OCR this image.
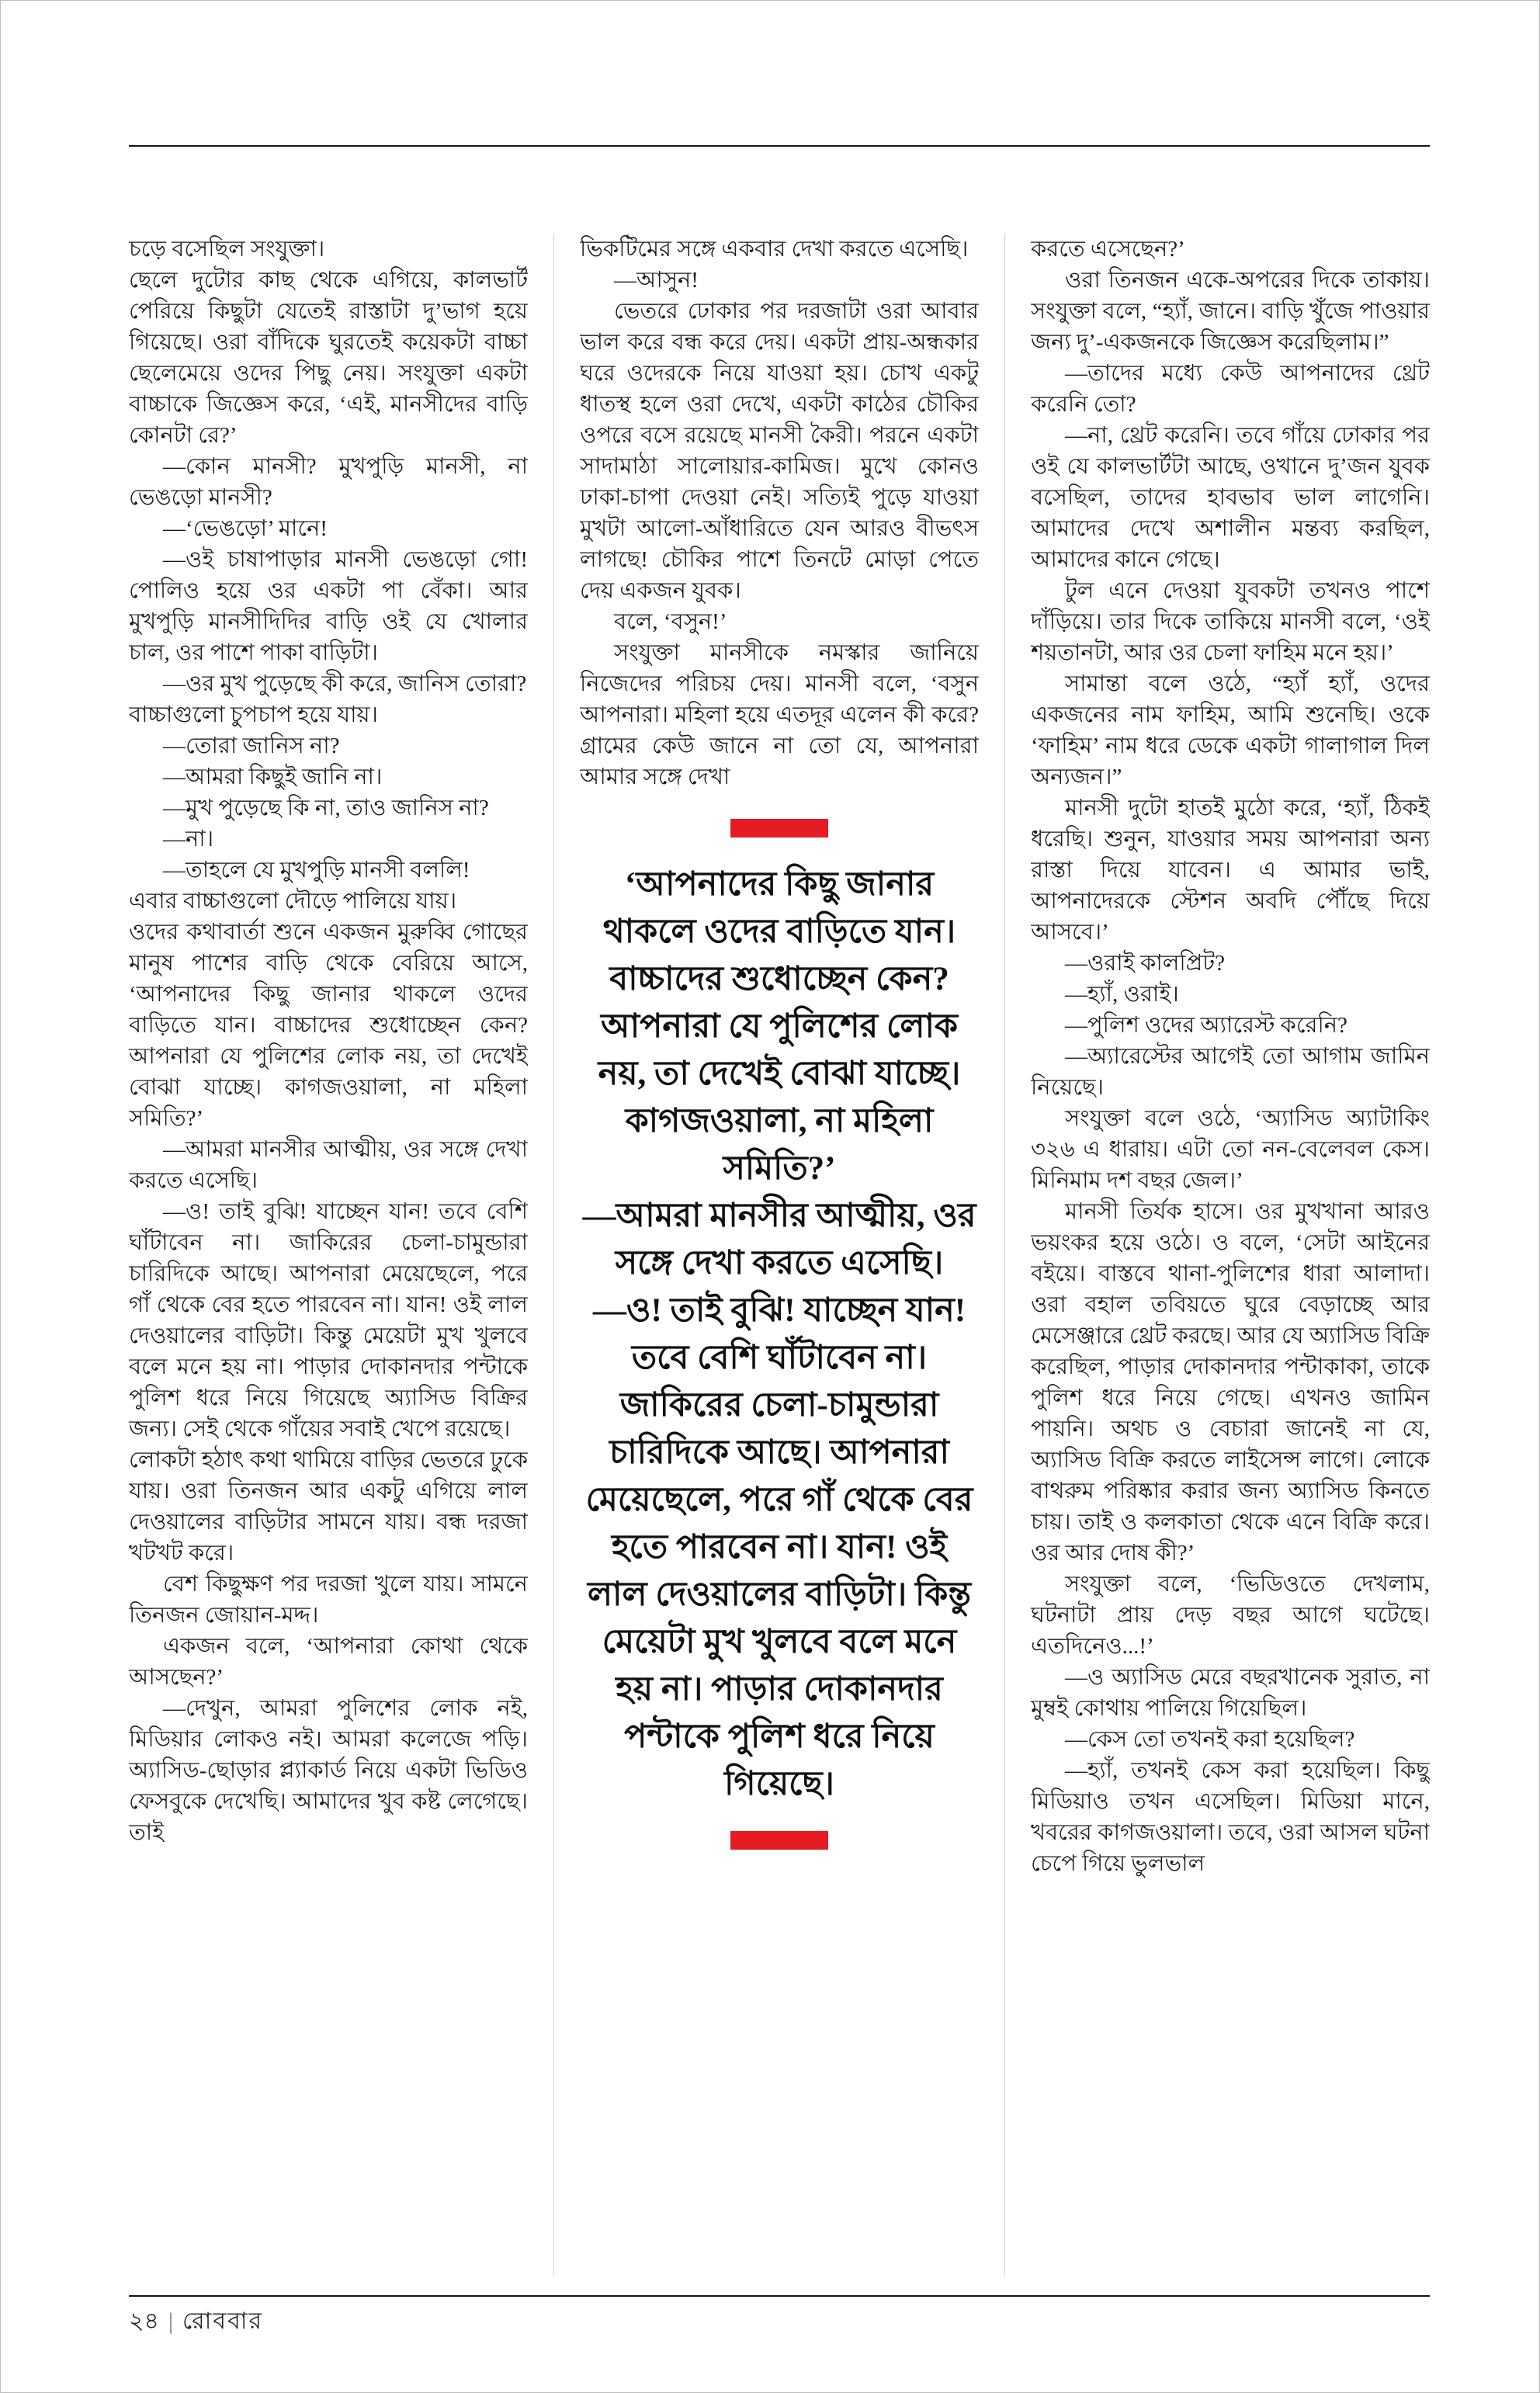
চড়ে বসেছিল সংযুক্তা।

ছেলে দুটোর কাছ থেকে এগিয়ে, কালভার্ট পেরিয়ে কিছুটা যেতেই রাস্তাটা দু’ভাগ হয়ে গিয়েছে। ওরা বাঁদিকে ঘুরতেই কয়েকটা বাচ্চা ছেলেমেয়ে ওদের পিছু নেয়। সংযুক্তা একটা বাচ্চাকে জিজ্ঞেস করে, ‘এই, মানসীদের বাড়ি কোনটা রে?’

—কোন মানসী? মুখপুড়ি মানসী, না ভেঙড়ো মানসী?

—‘ভেঙড়ো’ মানে!

—ওই চাষাপাড়ার মানসী ভেঙড়ো গো! পোলিও হয়ে ওর একটা পা বেঁকা। আর মুখপুড়ি মানসীদিদির বাড়ি ওই যে খোলার চাল, ওর পাশে পাকা বাড়িটা।

—ওর মুখ পুড়েছে কী করে, জানিস তোরা?

বাচ্চাগুলো চুপচাপ হয়ে যায়।

—তোরা জানিস না?

—আমরা কিছুই জানি না।

—মুখ পুড়েছে কি না, তাও জানিস না?

—না।

—তাহলে যে মুখপুড়ি মানসী বললি!

এবার বাচ্চাগুলো দৌড়ে পালিয়ে যায়।

ওদের কথাবার্তা শুনে একজন মুরুব্বি গোছের মানুষ পাশের বাড়ি থেকে বেরিয়ে আসে, ‘আপনাদের কিছু জানার থাকলে ওদের বাড়িতে যান। বাচ্চাদের শুধোচ্ছেন কেন? আপনারা যে পুলিশের লোক নয়, তা দেখেই বোঝা যাচ্ছে। কাগজওয়ালা, না মহিলা সমিতি?’

—আমরা মানসীর আত্মীয়, ওর সঙ্গে দেখা করতে এসেছি।

—ও! তাই বুঝি! যাচ্ছেন যান! তবে বেশি ঘাঁটাবেন না। জাকিরের চেলা-চামুন্ডারা চারিদিকে আছে। আপনারা মেয়েছেলে, পরে গাঁ থেকে বের হতে পারবেন না। যান! ওই লাল দেওয়ালের বাড়িটা। কিন্তু মেয়েটা মুখ খুলবে বলে মনে হয় না। পাড়ার দোকানদার পন্টাকে পুলিশ ধরে নিয়ে গিয়েছে অ্যাসিড বিক্রির জন্য। সেই থেকে গাঁয়ের সবাই খেপে রয়েছে।

লোকটা হঠাৎ কথা থামিয়ে বাড়ির ভেতরে ঢুকে যায়। ওরা তিনজন আর একটু এগিয়ে লাল দেওয়ালের বাড়িটার সামনে যায়। বন্ধ দরজা খটখট করে।

বেশ কিছুক্ষণ পর দরজা খুলে যায়। সামনে তিনজন জোয়ান-মদ্দ।

একজন বলে, ‘আপনারা কোথা থেকে আসছেন?’

—দেখুন, আমরা পুলিশের লোক নই, মিডিয়ার লোকও নই। আমরা কলেজে পড়ি। অ্যাসিড-ছোড়ার প্ল্যাকার্ড নিয়ে একটা ভিডিও ফেসবুকে দেখেছি। আমাদের খুব কষ্ট লেগেছে। তাই

ভিকটিমের সঙ্গে একবার দেখা করতে এসেছি।

—আসুন!

ভেতরে ঢোকার পর দরজাটা ওরা আবার ভাল করে বন্ধ করে দেয়। একটা প্রায়-অন্ধকার ঘরে ওদেরকে নিয়ে যাওয়া হয়। চোখ একটু ধাতস্থ হলে ওরা দেখে, একটা কাঠের চৌকির ওপরে বসে রয়েছে মানসী কৈরী। পরনে একটা সাদামাঠা সালোয়ার-কামিজ। মুখে কোনও ঢাকা-চাপা দেওয়া নেই। সত্যিই পুড়ে যাওয়া মুখটা আলো-আঁধারিতে যেন আরও বীভৎস লাগছে! চৌকির পাশে তিনটে মোড়া পেতে দেয় একজন যুবক।

বলে, ‘বসুন!’

সংযুক্তা মানসীকে নমস্কার জানিয়ে নিজেদের পরিচয় দেয়। মানসী বলে, ‘বসুন আপনারা। মহিলা হয়ে এতদূর এলেন কী করে? গ্রামের কেউ জানে না তো যে, আপনারা আমার সঙ্গে দেখা

‘আপনাদের কিছু জানার থাকলে ওদের বাড়িতে যান। বাচ্চাদের শুধোচ্ছেন কেন? আপনারা যে পুলিশের লোক নয়, তা দেখেই বোঝা যাচ্ছে। কাগজওয়ালা, না মহিলা সমিতি?’

—আমরা মানসীর আত্মীয়, ওর সঙ্গে দেখা করতে এসেছি।

—ও! তাই বুঝি! যাচ্ছেন যান! তবে বেশি ঘাঁটাবেন না। জাকিরের চেলা-চামুন্ডারা চারিদিকে আছে। আপনারা মেয়েছেলে, পরে গাঁ থেকে বের হতে পারবেন না। যান! ওই লাল দেওয়ালের বাড়িটা। কিন্তু মেয়েটা মুখ খুলবে বলে মনে হয় না। পাড়ার দোকানদার পন্টাকে পুলিশ ধরে নিয়ে গিয়েছে।

করতে এসেছেন?’

ওরা তিনজন একে-অপরের দিকে তাকায়। সংযুক্তা বলে, “হ্যাঁ, জানে। বাড়ি খুঁজে পাওয়ার জন্য দু’-একজনকে জিজ্ঞেস করেছিলাম।”

—তাদের মধ্যে কেউ আপনাদের থ্রেট করেনি তো?

—না, থ্রেট করেনি। তবে গাঁয়ে ঢোকার পর ওই যে কালভার্টটা আছে, ওখানে দু’জন যুবক বসেছিল, তাদের হাবভাব ভাল লাগেনি। আমাদের দেখে অশালীন মন্তব্য করছিল, আমাদের কানে গেছে।

টুল এনে দেওয়া যুবকটা তখনও পাশে দাঁড়িয়ে। তার দিকে তাকিয়ে মানসী বলে, ‘ওই শয়তানটা, আর ওর চেলা ফাহিম মনে হয়।’

সামান্তা বলে ওঠে, “হ্যাঁ হ্যাঁ, ওদের একজনের নাম ফাহিম, আমি শুনেছি। ওকে ‘ফাহিম’ নাম ধরে ডেকে একটা গালাগাল দিল অন্যজন।”

মানসী দুটো হাতই মুঠো করে, ‘হ্যাঁ, ঠিকই ধরেছি। শুনুন, যাওয়ার সময় আপনারা অন্য রাস্তা দিয়ে যাবেন। এ আমার ভাই, আপনাদেরকে স্টেশন অবদি পৌঁছে দিয়ে আসবে।’

—ওরাই কালপ্রিট?

—হ্যাঁ, ওরাই।

—পুলিশ ওদের অ্যারেস্ট করেনি?

—অ্যারেস্টের আগেই তো আগাম জামিন নিয়েছে।

সংযুক্তা বলে ওঠে, ‘অ্যাসিড অ্যাটাকিং ৩২৬ এ ধারায়। এটা তো নন-বেলেবল কেস। মিনিমাম দশ বছর জেল।’

মানসী তির্যক হাসে। ওর মুখখানা আরও ভয়ংকর হয়ে ওঠে। ও বলে, ‘সেটা আইনের বইয়ে। বাস্তবে থানা-পুলিশের ধারা আলাদা। ওরা বহাল তবিয়তে ঘুরে বেড়াচ্ছে আর মেসেঞ্জারে থ্রেট করছে। আর যে অ্যাসিড বিক্রি করেছিল, পাড়ার দোকানদার পন্টাকাকা, তাকে পুলিশ ধরে নিয়ে গেছে। এখনও জামিন পায়নি। অথচ ও বেচারা জানেই না যে, অ্যাসিড বিক্রি করতে লাইসেন্স লাগে। লোকে বাথরুম পরিষ্কার করার জন্য অ্যাসিড কিনতে চায়। তাই ও কলকাতা থেকে এনে বিক্রি করে। ওর আর দোষ কী?’

সংযুক্তা বলে, ‘ভিডিওতে দেখলাম, ঘটনাটা প্রায় দেড় বছর আগে ঘটেছে। এতদিনেও...!’

—ও অ্যাসিড মেরে বছরখানেক সুরাত, না মুম্বই কোথায় পালিয়ে গিয়েছিল।

—কেস তো তখনই করা হয়েছিল?

—হ্যাঁ, তখনই কেস করা হয়েছিল। কিছু মিডিয়াও তখন এসেছিল। মিডিয়া মানে, খবরের কাগজওয়ালা। তবে, ওরা আসল ঘটনা চেপে গিয়ে ভুলভাল

২৪ | রোববার
